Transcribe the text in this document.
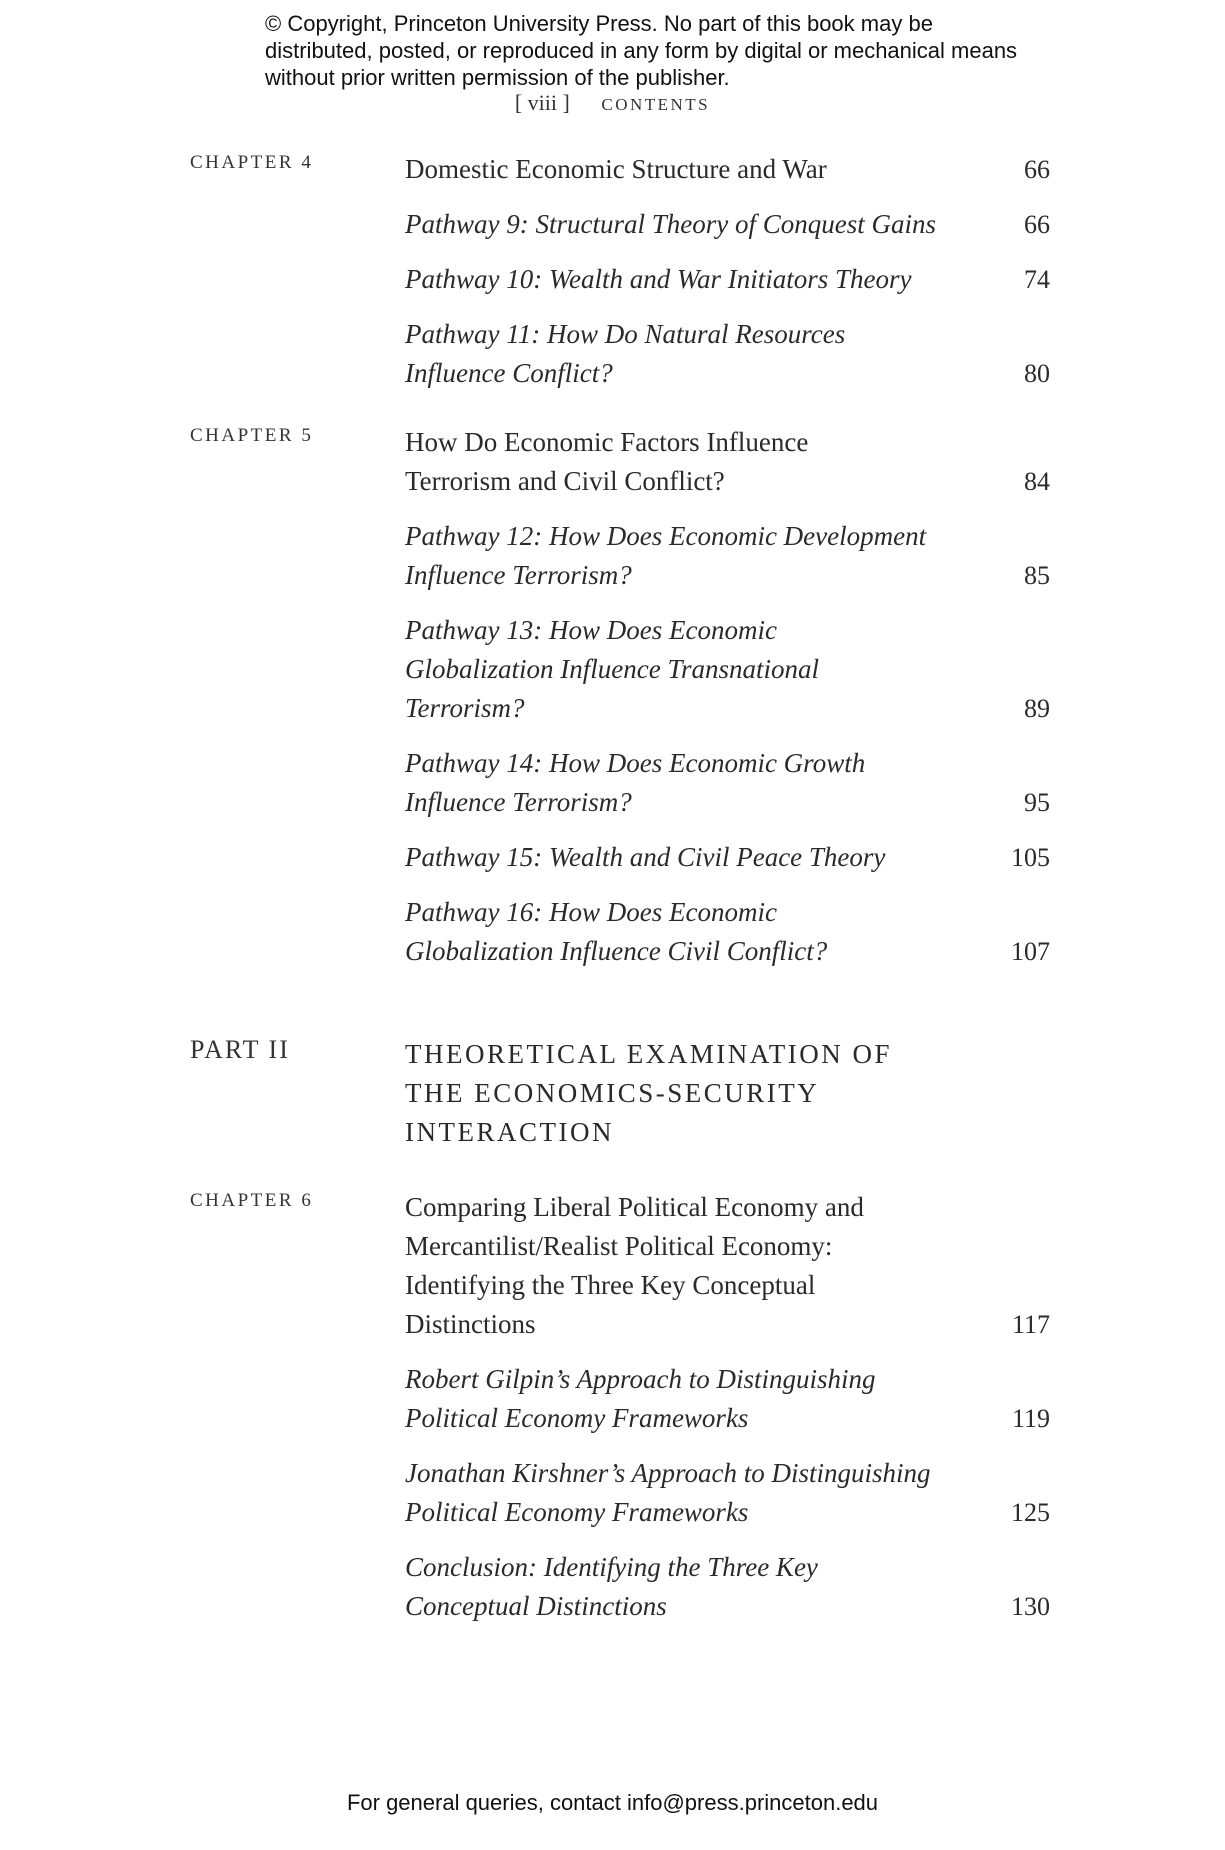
© Copyright, Princeton University Press. No part of this book may be distributed, posted, or reproduced in any form by digital or mechanical means without prior written permission of the publisher.
[ viii ] contents
CHAPTER 4	Domestic Economic Structure and War	66
Pathway 9: Structural Theory of Conquest Gains	66
Pathway 10: Wealth and War Initiators Theory	74
Pathway 11: How Do Natural Resources Influence Conflict?	80
CHAPTER 5	How Do Economic Factors Influence Terrorism and Civil Conflict?	84
Pathway 12: How Does Economic Development Influence Terrorism?	85
Pathway 13: How Does Economic Globalization Influence Transnational Terrorism?	89
Pathway 14: How Does Economic Growth Influence Terrorism?	95
Pathway 15: Wealth and Civil Peace Theory	105
Pathway 16: How Does Economic Globalization Influence Civil Conflict?	107
PART II	THEORETICAL EXAMINATION OF THE ECONOMICS-SECURITY INTERACTION
CHAPTER 6	Comparing Liberal Political Economy and Mercantilist/Realist Political Economy: Identifying the Three Key Conceptual Distinctions	117
Robert Gilpin’s Approach to Distinguishing Political Economy Frameworks	119
Jonathan Kirshner’s Approach to Distinguishing Political Economy Frameworks	125
Conclusion: Identifying the Three Key Conceptual Distinctions	130
For general queries, contact info@press.princeton.edu
